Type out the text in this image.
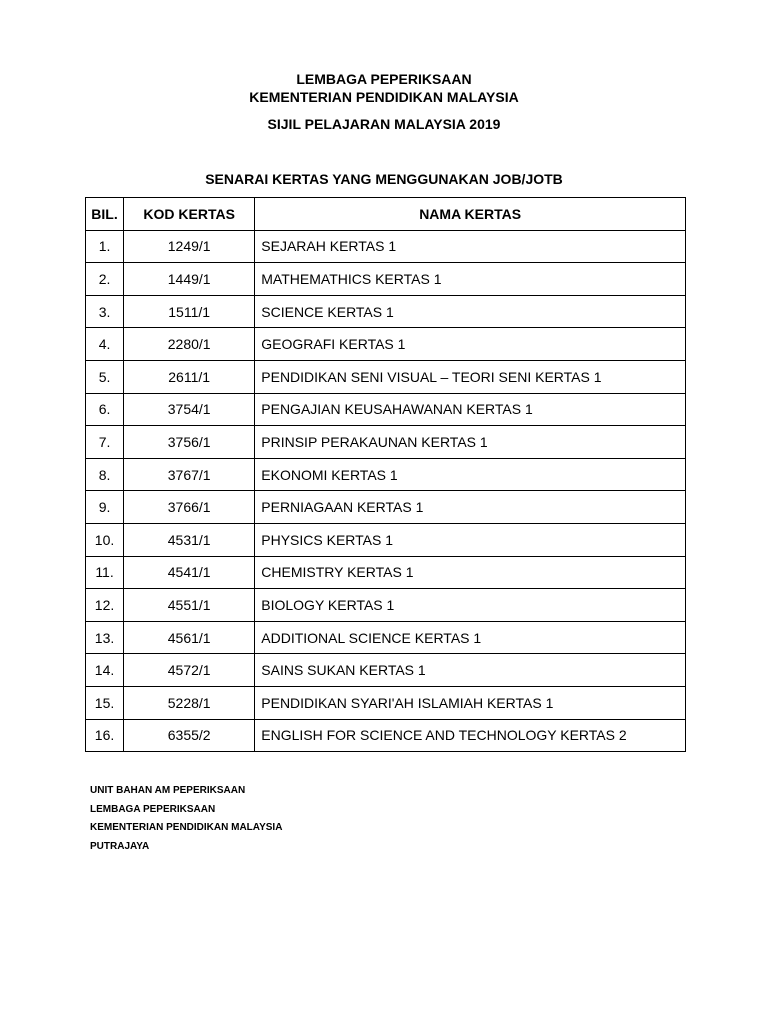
LEMBAGA PEPERIKSAAN
KEMENTERIAN PENDIDIKAN MALAYSIA
SIJIL PELAJARAN MALAYSIA 2019
SENARAI KERTAS YANG MENGGUNAKAN JOB/JOTB
BIL.	KOD KERTAS	NAMA KERTAS
1.	1249/1	SEJARAH KERTAS 1
2.	1449/1	MATHEMATHICS KERTAS 1
3.	1511/1	SCIENCE KERTAS 1
4.	2280/1	GEOGRAFI KERTAS 1
5.	2611/1	PENDIDIKAN SENI VISUAL – TEORI SENI KERTAS 1
6.	3754/1	PENGAJIAN KEUSAHAWANAN KERTAS 1
7.	3756/1	PRINSIP PERAKAUNAN KERTAS 1
8.	3767/1	EKONOMI KERTAS 1
9.	3766/1	PERNIAGAAN KERTAS 1
10.	4531/1	PHYSICS KERTAS 1
11.	4541/1	CHEMISTRY KERTAS 1
12.	4551/1	BIOLOGY KERTAS 1
13.	4561/1	ADDITIONAL SCIENCE KERTAS 1
14.	4572/1	SAINS SUKAN KERTAS 1
15.	5228/1	PENDIDIKAN SYARI'AH ISLAMIAH KERTAS 1
16.	6355/2	ENGLISH FOR SCIENCE AND TECHNOLOGY KERTAS 2
UNIT BAHAN AM PEPERIKSAAN
LEMBAGA PEPERIKSAAN
KEMENTERIAN PENDIDIKAN MALAYSIA
PUTRAJAYA
